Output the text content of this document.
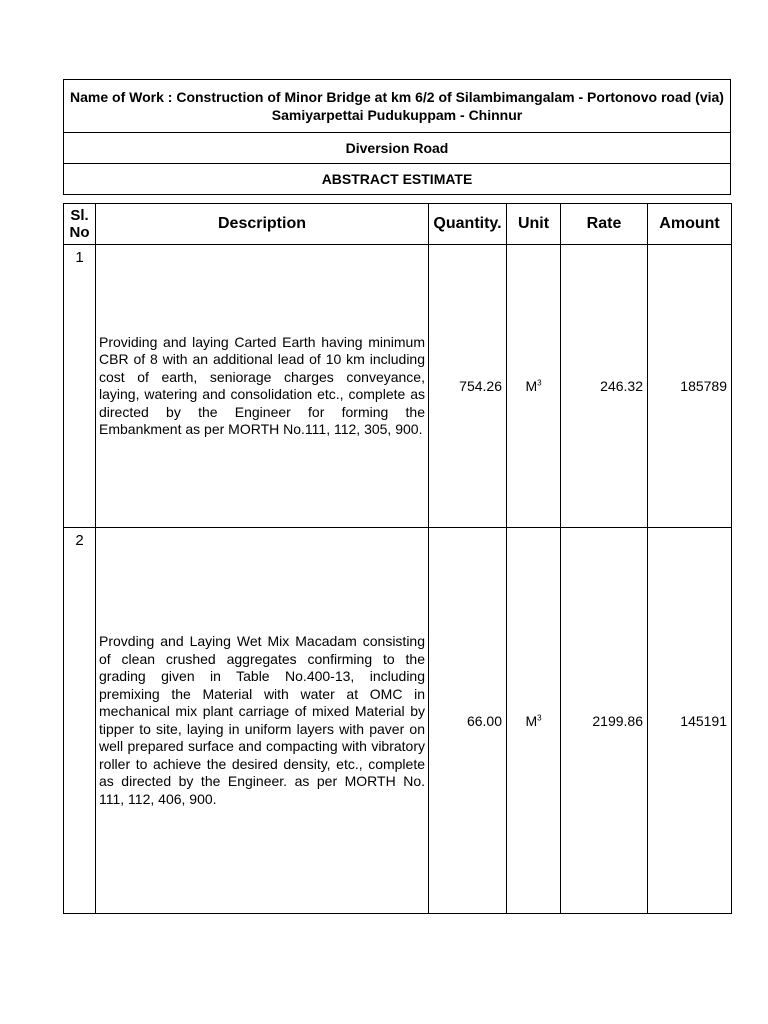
Name of Work : Construction of Minor Bridge at km 6/2 of Silambimangalam - Portonovo road (via) Samiyarpettai Pudukuppam - Chinnur
Diversion Road
ABSTRACT ESTIMATE
Sl. No	Description	Quantity.	Unit	Rate	Amount
1	Providing and laying Carted Earth having minimum CBR of 8 with an additional lead of 10 km including cost of earth, seniorage charges conveyance, laying, watering and consolidation etc., complete as directed by the Engineer for forming the Embankment as per MORTH No.111, 112, 305, 900.	754.26	$M^3$	246.32	185789
2	Provding and Laying Wet Mix Macadam consisting of clean crushed aggregates confirming to the grading given in Table No.400-13, including premixing the Material with water at OMC in mechanical mix plant carriage of mixed Material by tipper to site, laying in uniform layers with paver on well prepared surface and compacting with vibratory roller to achieve the desired density, etc., complete as directed by the Engineer. as per MORTH No. 111, 112, 406, 900.	66.00	$M^3$	2199.86	145191
